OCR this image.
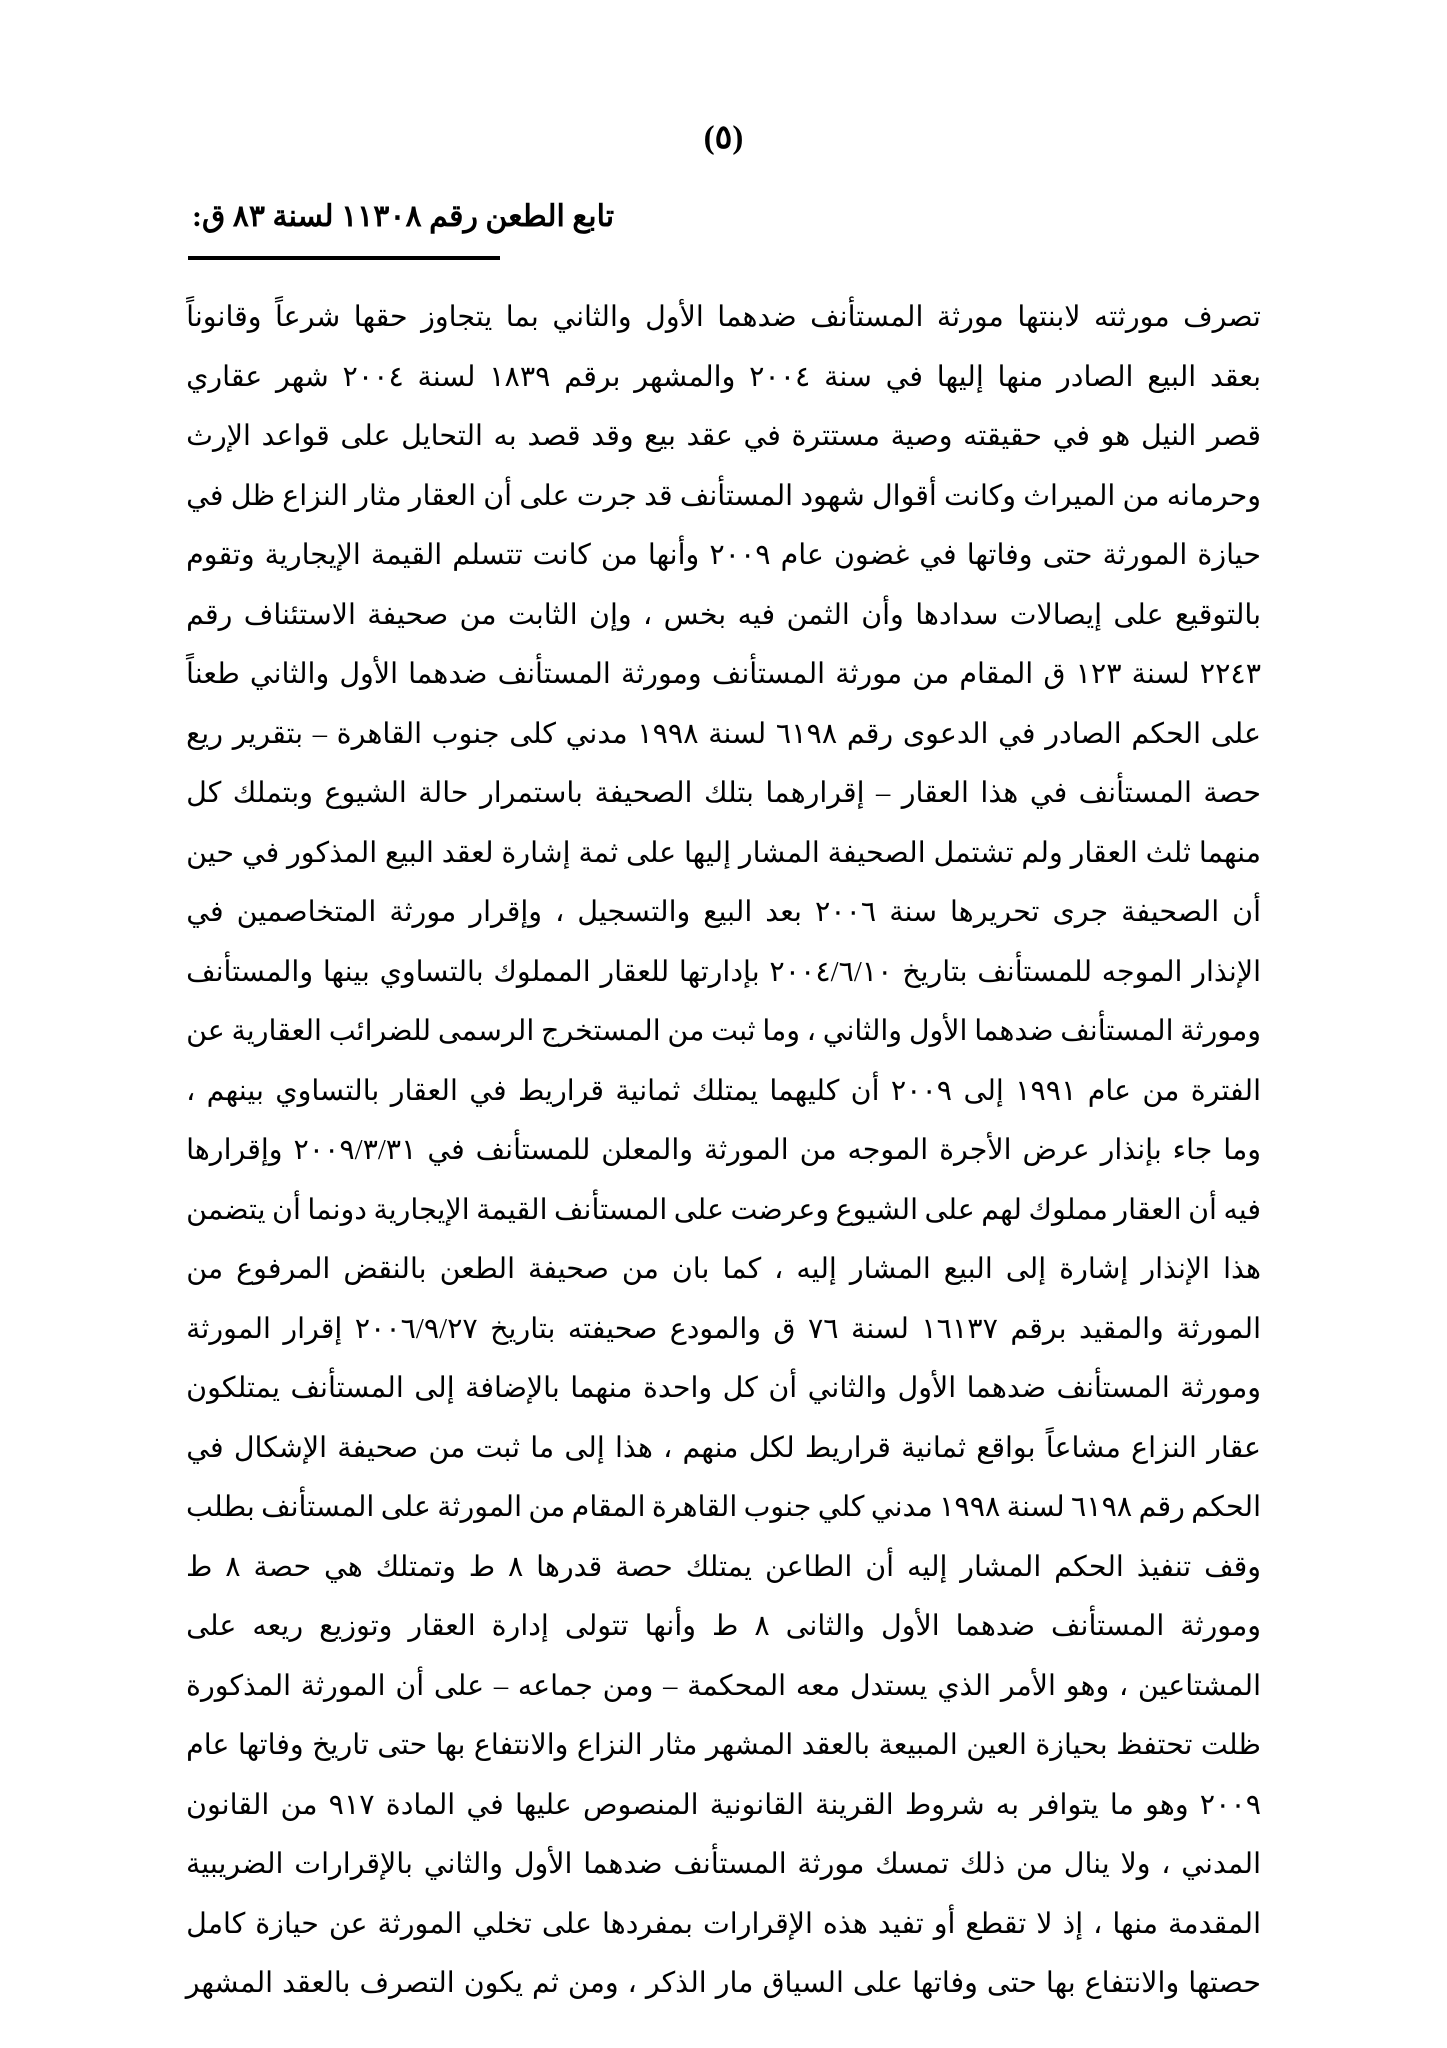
(٥)
تابع الطعن رقم ١١٣٠٨ لسنة ٨٣ ق:

تصرف
مورثته
لابنتها
مورثة
المستأنف
ضدهما
الأول
والثاني
بما
يتجاوز
حقها
شرعاً
وقانوناً
بعقد
البيع
الصادر
منها
إليها
في
سنة
٢٠٠٤
والمشهر
برقم
١٨٣٩
لسنة
٢٠٠٤
شهر
عقاري
قصر
النيل
هو
في
حقيقته
وصية
مستترة
في
عقد
بيع
وقد
قصد
به
التحايل
على
قواعد
الإرث
وحرمانه
من
الميراث
وكانت
أقوال
شهود
المستأنف
قد
جرت
على
أن
العقار
مثار
النزاع
ظل
في
حيازة
المورثة
حتى
وفاتها
في
غضون
عام
٢٠٠٩
وأنها
من
كانت
تتسلم
القيمة
الإيجارية
وتقوم
بالتوقيع
على
إيصالات
سدادها
وأن
الثمن
فيه
بخس
،
وإن
الثابت
من
صحيفة
الاستئناف
رقم
٢٢٤٣
لسنة
١٢٣
ق
المقام
من
مورثة
المستأنف
ومورثة
المستأنف
ضدهما
الأول
والثاني
طعناً
على
الحكم
الصادر
في
الدعوى
رقم
٦١٩٨
لسنة
١٩٩٨
مدني
كلى
جنوب
القاهرة
–
بتقرير
ريع
حصة
المستأنف
في
هذا
العقار
–
إقرارهما
بتلك
الصحيفة
باستمرار
حالة
الشيوع
وبتملك
كل
منهما
ثلث
العقار
ولم
تشتمل
الصحيفة
المشار
إليها
على
ثمة
إشارة
لعقد
البيع
المذكور
في
حين
أن
الصحيفة
جرى
تحريرها
سنة
٢٠٠٦
بعد
البيع
والتسجيل
،
وإقرار
مورثة
المتخاصمين
في
الإنذار
الموجه
للمستأنف
بتاريخ
٢٠٠٤/٦/١٠
بإدارتها
للعقار
المملوك
بالتساوي
بينها
والمستأنف
ومورثة
المستأنف
ضدهما
الأول
والثاني
،
وما
ثبت
من
المستخرج
الرسمى
للضرائب
العقارية
عن
الفترة
من
عام
١٩٩١
إلى
٢٠٠٩
أن
كليهما
يمتلك
ثمانية
قراريط
في
العقار
بالتساوي
بينهم
،
وما
جاء
بإنذار
عرض
الأجرة
الموجه
من
المورثة
والمعلن
للمستأنف
في
٢٠٠٩/٣/٣١
وإقرارها
فيه
أن
العقار
مملوك
لهم
على
الشيوع
وعرضت
على
المستأنف
القيمة
الإيجارية
دونما
أن
يتضمن
هذا
الإنذار
إشارة
إلى
البيع
المشار
إليه
،
كما
بان
من
صحيفة
الطعن
بالنقض
المرفوع
من
المورثة
والمقيد
برقم
١٦١٣٧
لسنة
٧٦
ق
والمودع
صحيفته
بتاريخ
٢٠٠٦/٩/٢٧
إقرار
المورثة
ومورثة
المستأنف
ضدهما
الأول
والثاني
أن
كل
واحدة
منهما
بالإضافة
إلى
المستأنف
يمتلكون
عقار
النزاع
مشاعاً
بواقع
ثمانية
قراريط
لكل
منهم
،
هذا
إلى
ما
ثبت
من
صحيفة
الإشكال
في
الحكم
رقم
٦١٩٨
لسنة
١٩٩٨
مدني
كلي
جنوب
القاهرة
المقام
من
المورثة
على
المستأنف
بطلب
وقف
تنفيذ
الحكم
المشار
إليه
أن
الطاعن
يمتلك
حصة
قدرها
٨
ط
وتمتلك
هي
حصة
٨
ط
ومورثة
المستأنف
ضدهما
الأول
والثانى
٨
ط
وأنها
تتولى
إدارة
العقار
وتوزيع
ريعه
على
المشتاعين
،
وهو
الأمر
الذي
يستدل
معه
المحكمة
–
ومن
جماعه
–
على
أن
المورثة
المذكورة
ظلت
تحتفظ
بحيازة
العين
المبيعة
بالعقد
المشهر
مثار
النزاع
والانتفاع
بها
حتى
تاريخ
وفاتها
عام
٢٠٠٩
وهو
ما
يتوافر
به
شروط
القرينة
القانونية
المنصوص
عليها
في
المادة
٩١٧
من
القانون
المدني
،
ولا
ينال
من
ذلك
تمسك
مورثة
المستأنف
ضدهما
الأول
والثاني
بالإقرارات
الضريبية
المقدمة
منها
،
إذ
لا
تقطع
أو
تفيد
هذه
الإقرارات
بمفردها
على
تخلي
المورثة
عن
حيازة
كامل
حصتها
والانتفاع
بها
حتى
وفاتها
على
السياق
مار
الذكر
،
ومن
ثم
يكون
التصرف
بالعقد
المشهر
